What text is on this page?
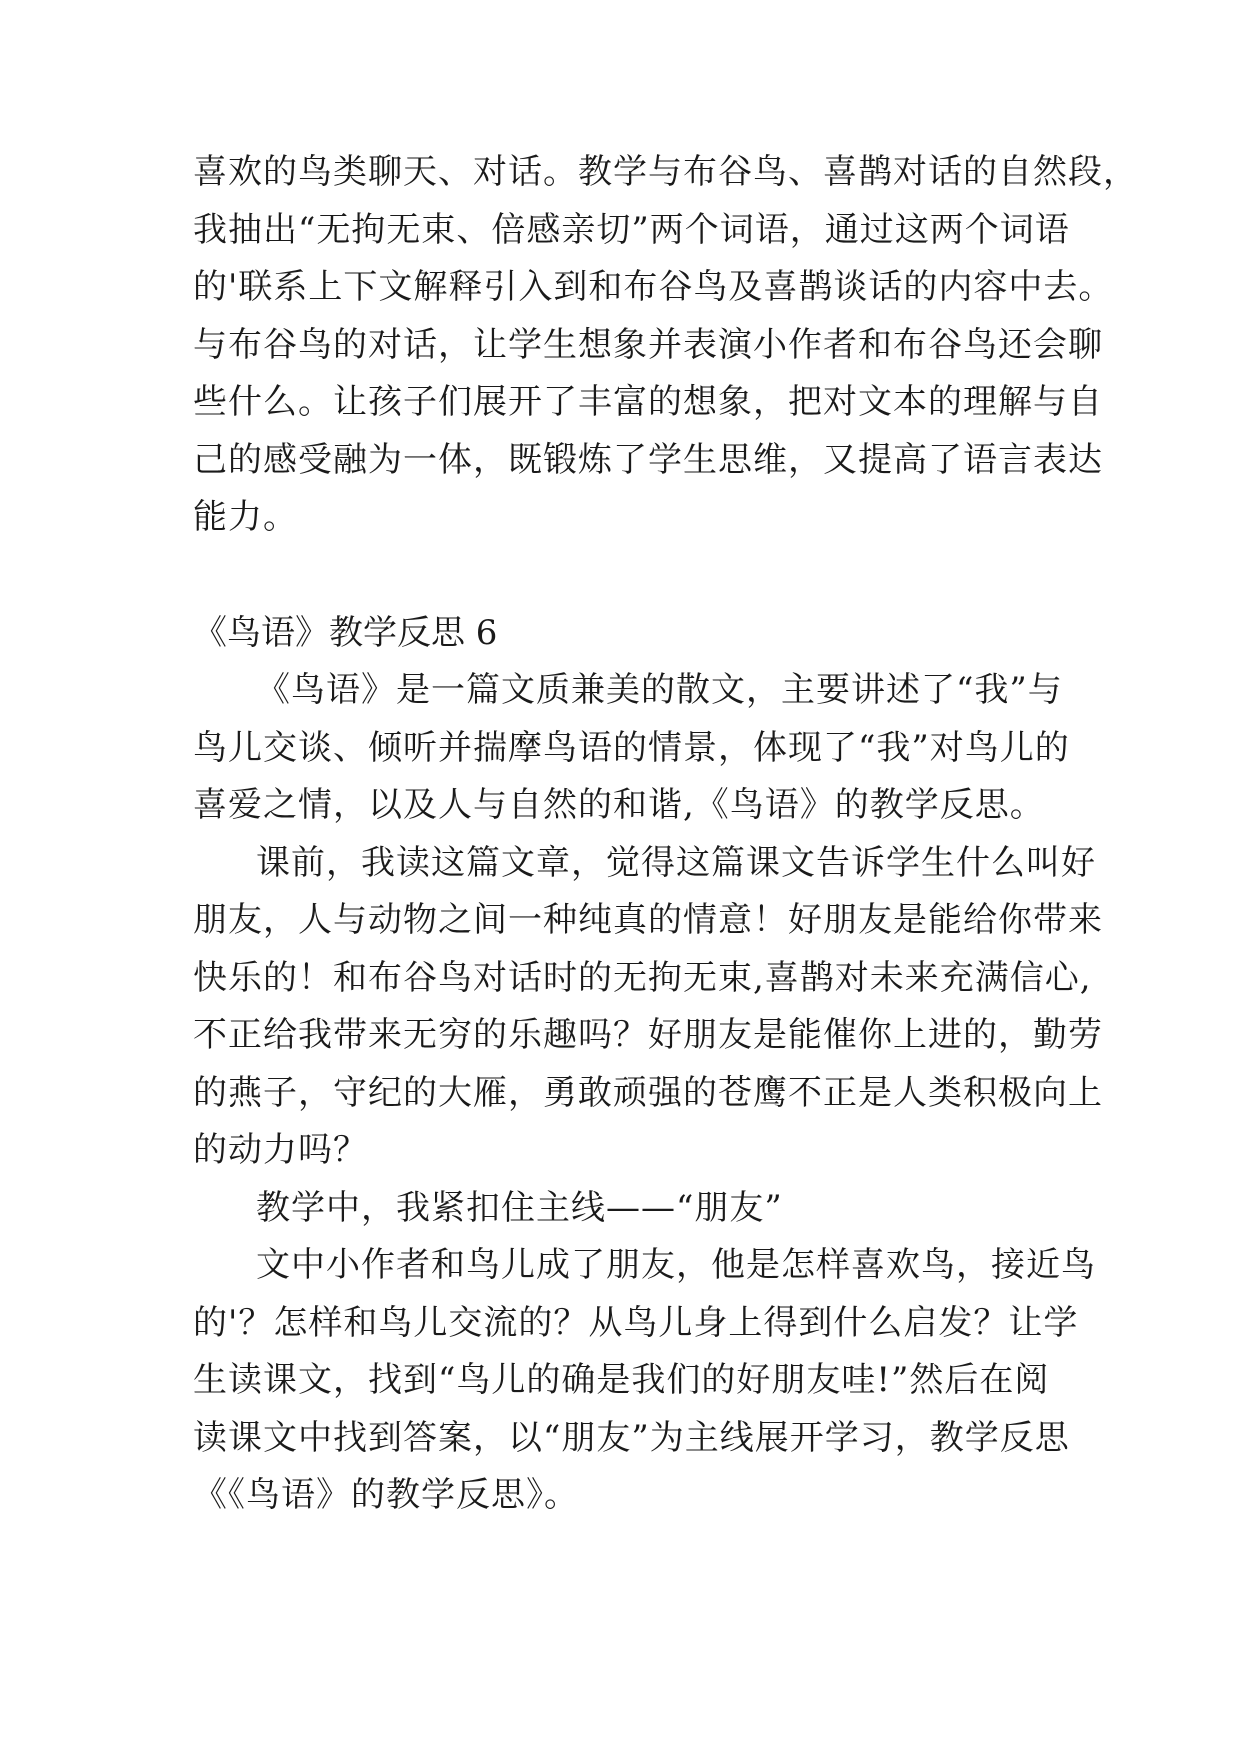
喜欢的鸟类聊天、对话。教学与布谷鸟、喜鹊对话的自然段，
我抽出“无拘无束、倍感亲切”两个词语，通过这两个词语
的'联系上下文解释引入到和布谷鸟及喜鹊谈话的内容中去。
与布谷鸟的对话，让学生想象并表演小作者和布谷鸟还会聊
些什么。让孩子们展开了丰富的想象，把对文本的理解与自
己的感受融为一体，既锻炼了学生思维，又提高了语言表达
能力。
《鸟语》教学反思 6
《鸟语》是一篇文质兼美的散文，主要讲述了“我”与
鸟儿交谈、倾听并揣摩鸟语的情景，体现了“我”对鸟儿的
喜爱之情，以及人与自然的和谐,《鸟语》的教学反思。
课前，我读这篇文章，觉得这篇课文告诉学生什么叫好
朋友，人与动物之间一种纯真的情意！好朋友是能给你带来
快乐的！和布谷鸟对话时的无拘无束,喜鹊对未来充满信心,
不正给我带来无穷的乐趣吗？好朋友是能催你上进的，勤劳
的燕子，守纪的大雁，勇敢顽强的苍鹰不正是人类积极向上
的动力吗？
教学中，我紧扣住主线——“朋友”
文中小作者和鸟儿成了朋友，他是怎样喜欢鸟，接近鸟
的'？怎样和鸟儿交流的？从鸟儿身上得到什么启发？让学
生读课文，找到“鸟儿的确是我们的好朋友哇!”然后在阅
读课文中找到答案，以“朋友”为主线展开学习，教学反思
《《鸟语》的教学反思》。
